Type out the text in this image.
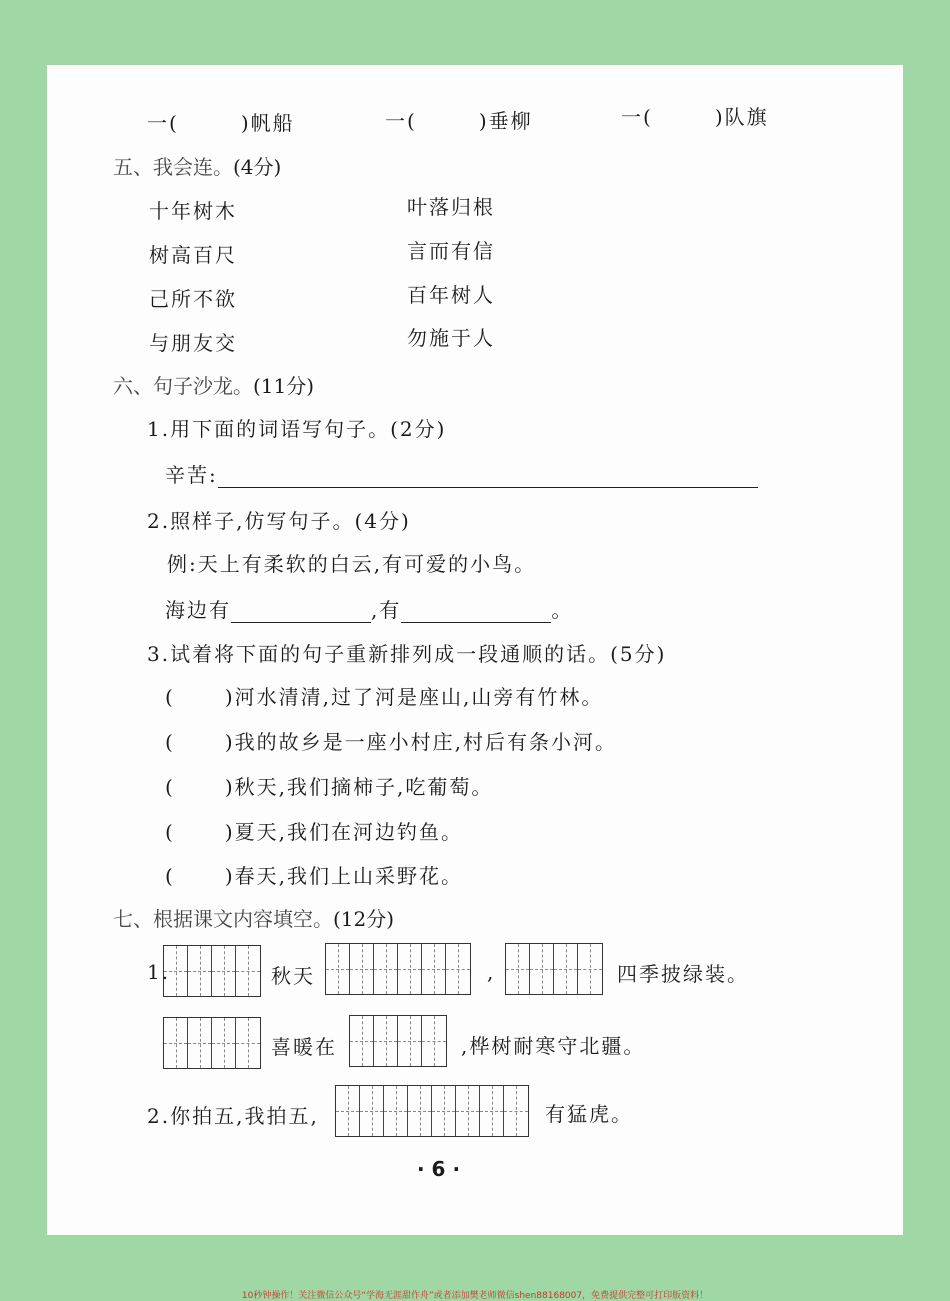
一(	)帆船	一(	)垂柳	一(	)队旗
五、我会连。(4分)
十年树木
树高百尺
己所不欲
与朋友交
叶落归根
言而有信
百年树人
勿施于人
六、句子沙龙。(11分)
1.用下面的词语写句子。(2分)
辛苦:
2.照样子,仿写句子。(4分)
例:天上有柔软的白云,有可爱的小鸟。
海边有	,有	。
3.试着将下面的句子重新排列成一段通顺的话。(5分)
(	)河水清清,过了河是座山,山旁有竹林。
(	)我的故乡是一座小村庄,村后有条小河。
(	)秋天,我们摘柿子,吃葡萄。
(	)夏天,我们在河边钓鱼。
(	)春天,我们上山采野花。
七、根据课文内容填空。(12分)
1.	秋天	,	四季披绿装。
喜暖在	,桦树耐寒守北疆。
2.你拍五,我拍五,	有猛虎。
· 6 ·
10秒钟操作！关注微信公众号“学海无涯甜作舟”或者添加樊老师微信shen88168007，免费提供完整可打印版资料！
